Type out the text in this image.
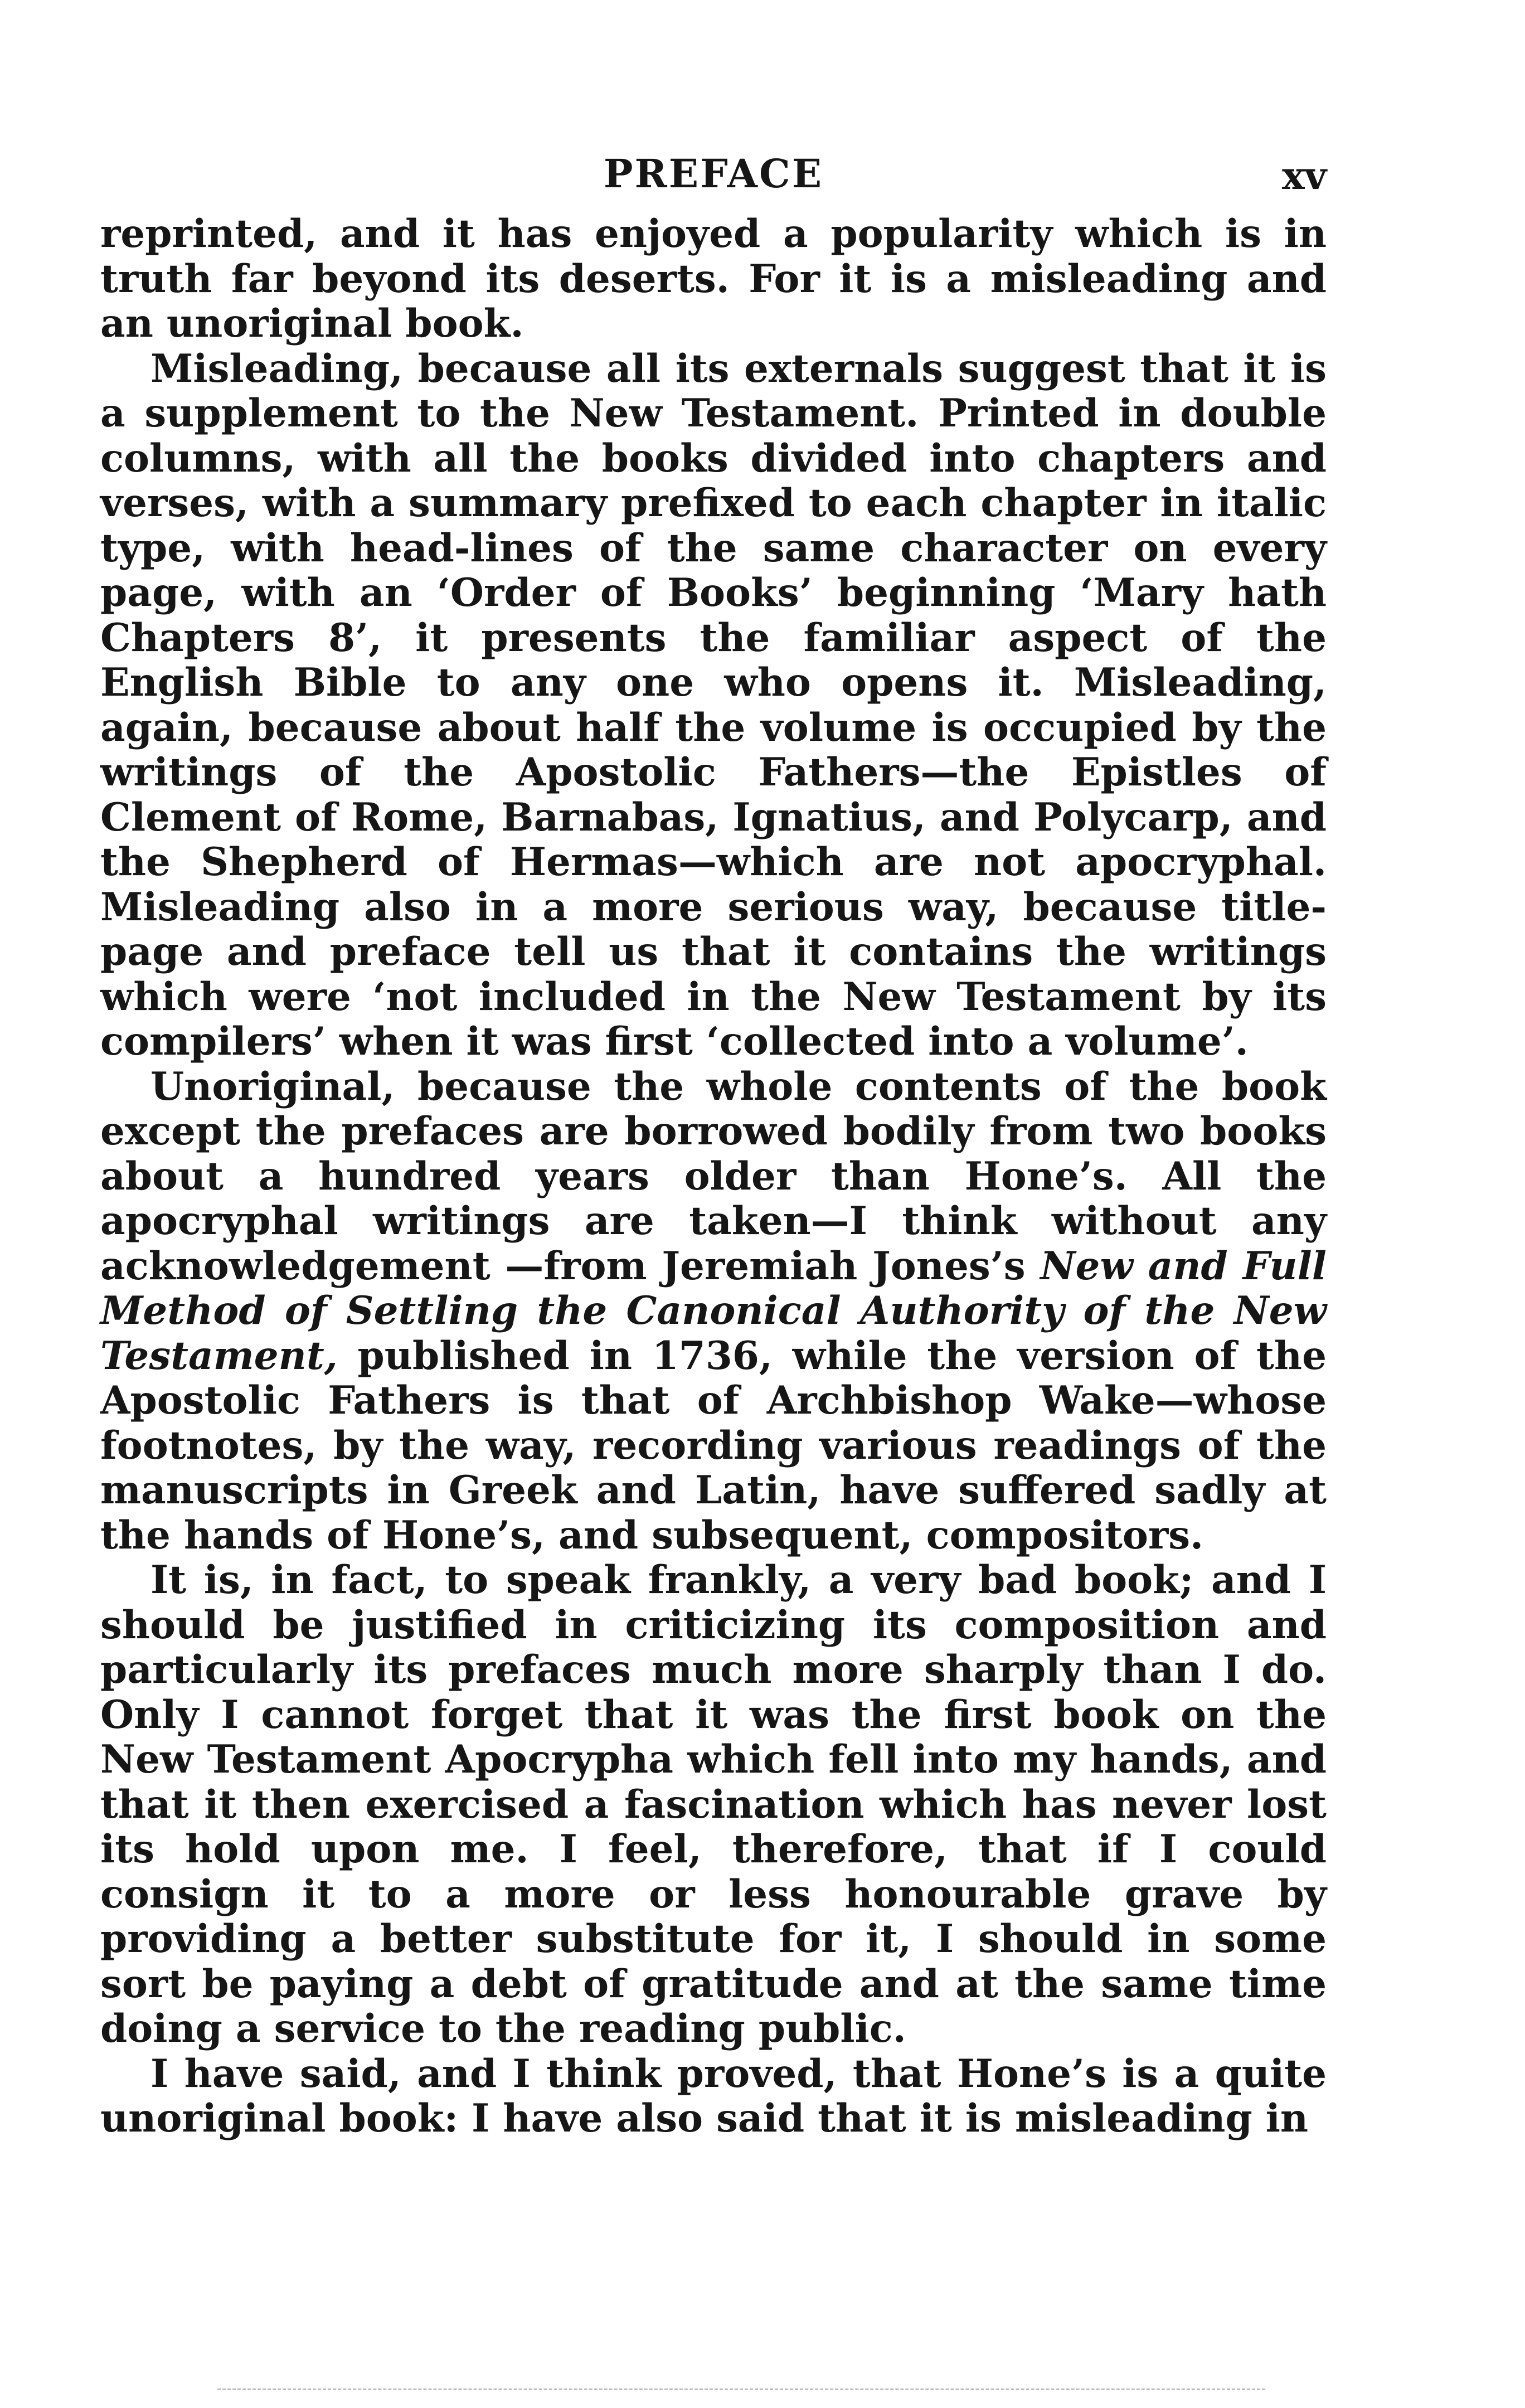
PREFACE	xv

reprinted, and it has enjoyed a popularity which is in truth far beyond its deserts. For it is a misleading and an unoriginal book.

Misleading, because all its externals suggest that it is a supplement to the New Testament. Printed in double columns, with all the books divided into chapters and verses, with a summary prefixed to each chapter in italic type, with head-lines of the same character on every page, with an ‘Order of Books’ beginning ‘Mary hath Chapters 8’, it presents the familiar aspect of the English Bible to any one who opens it. Misleading, again, because about half the volume is occupied by the writings of the Apostolic Fathers—the Epistles of Clement of Rome, Barnabas, Ignatius, and Polycarp, and the Shepherd of Hermas—which are not apocryphal. Misleading also in a more serious way, because title-page and preface tell us that it contains the writings which were ‘not included in the New Testament by its compilers’ when it was first ‘collected into a volume’.

Unoriginal, because the whole contents of the book except the prefaces are borrowed bodily from two books about a hundred years older than Hone’s. All the apocryphal writings are taken—I think without any acknowledgement —from Jeremiah Jones’s New and Full Method of Settling the Canonical Authority of the New Testament, published in 1736, while the version of the Apostolic Fathers is that of Archbishop Wake—whose footnotes, by the way, recording various readings of the manuscripts in Greek and Latin, have suffered sadly at the hands of Hone’s, and subsequent, compositors.

It is, in fact, to speak frankly, a very bad book; and I should be justified in criticizing its composition and particularly its prefaces much more sharply than I do. Only I cannot forget that it was the first book on the New Testament Apocrypha which fell into my hands, and that it then exercised a fascination which has never lost its hold upon me. I feel, therefore, that if I could consign it to a more or less honourable grave by providing a better substitute for it, I should in some sort be paying a debt of gratitude and at the same time doing a service to the reading public.

I have said, and I think proved, that Hone’s is a quite unoriginal book: I have also said that it is misleading in
